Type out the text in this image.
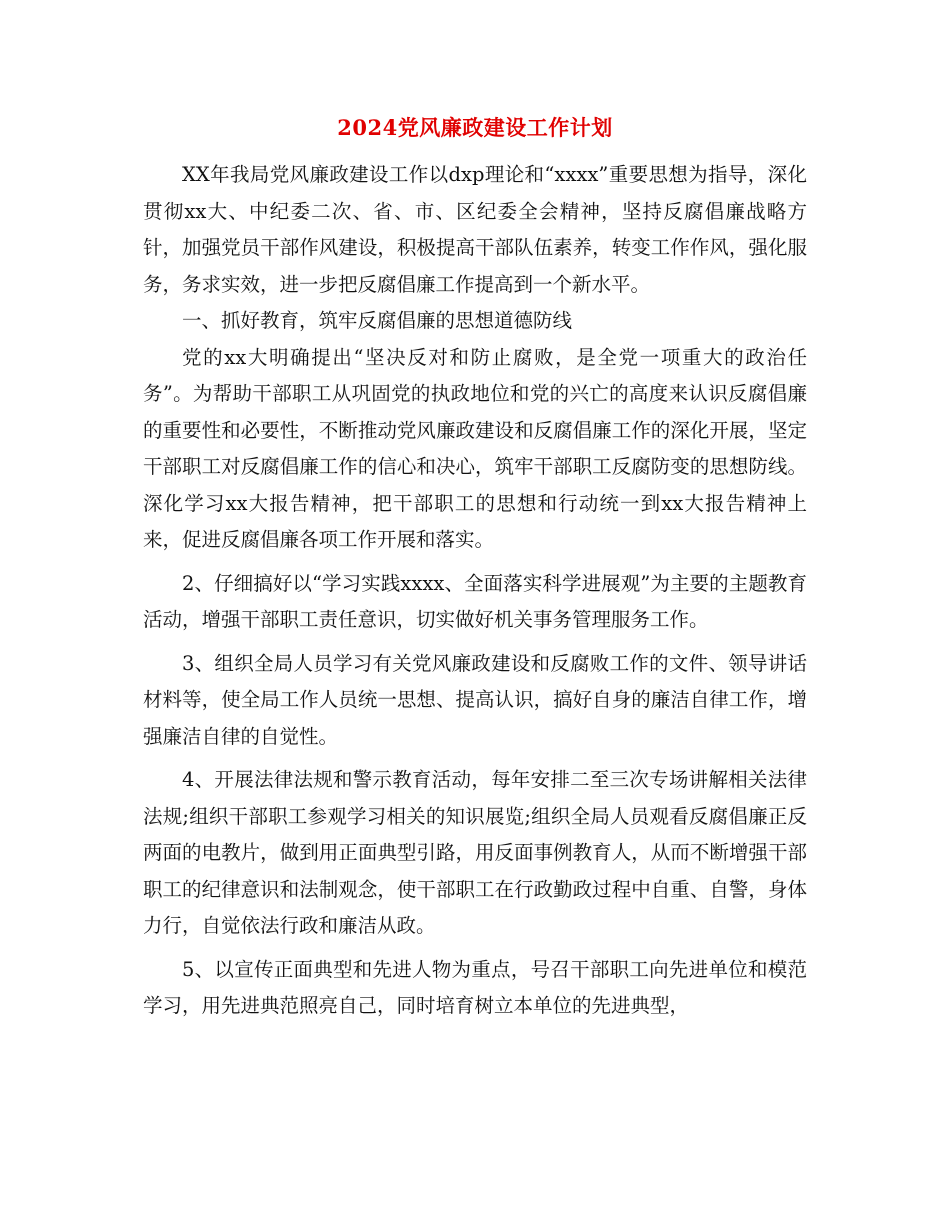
2024党风廉政建设工作计划

XX年我局党风廉政建设工作以dxp理论和“xxxx”重要思想为指导，深化贯彻xx大、中纪委二次、省、市、区纪委全会精神，坚持反腐倡廉战略方针，加强党员干部作风建设，积极提高干部队伍素养，转变工作作风，强化服务，务求实效，进一步把反腐倡廉工作提高到一个新水平。

一、抓好教育，筑牢反腐倡廉的思想道德防线

党的xx大明确提出“坚决反对和防止腐败，是全党一项重大的政治任务”。为帮助干部职工从巩固党的执政地位和党的兴亡的高度来认识反腐倡廉的重要性和必要性，不断推动党风廉政建设和反腐倡廉工作的深化开展，坚定干部职工对反腐倡廉工作的信心和决心，筑牢干部职工反腐防变的思想防线。 深化学习xx大报告精神，把干部职工的思想和行动统一到xx大报告精神上来，促进反腐倡廉各项工作开展和落实。

2、仔细搞好以“学习实践xxxx、全面落实科学进展观”为主要的主题教育活动，增强干部职工责任意识，切实做好机关事务管理服务工作。

3、组织全局人员学习有关党风廉政建设和反腐败工作的文件、领导讲话材料等，使全局工作人员统一思想、提高认识，搞好自身的廉洁自律工作，增强廉洁自律的自觉性。

4、开展法律法规和警示教育活动，每年安排二至三次专场讲解相关法律法规;组织干部职工参观学习相关的知识展览;组织全局人员观看反腐倡廉正反两面的电教片，做到用正面典型引路，用反面事例教育人，从而不断增强干部职工的纪律意识和法制观念，使干部职工在行政勤政过程中自重、自警，身体力行，自觉依法行政和廉洁从政。

5、以宣传正面典型和先进人物为重点，号召干部职工向先进单位和模范学习，用先进典范照亮自己，同时培育树立本单位的先进典型，
